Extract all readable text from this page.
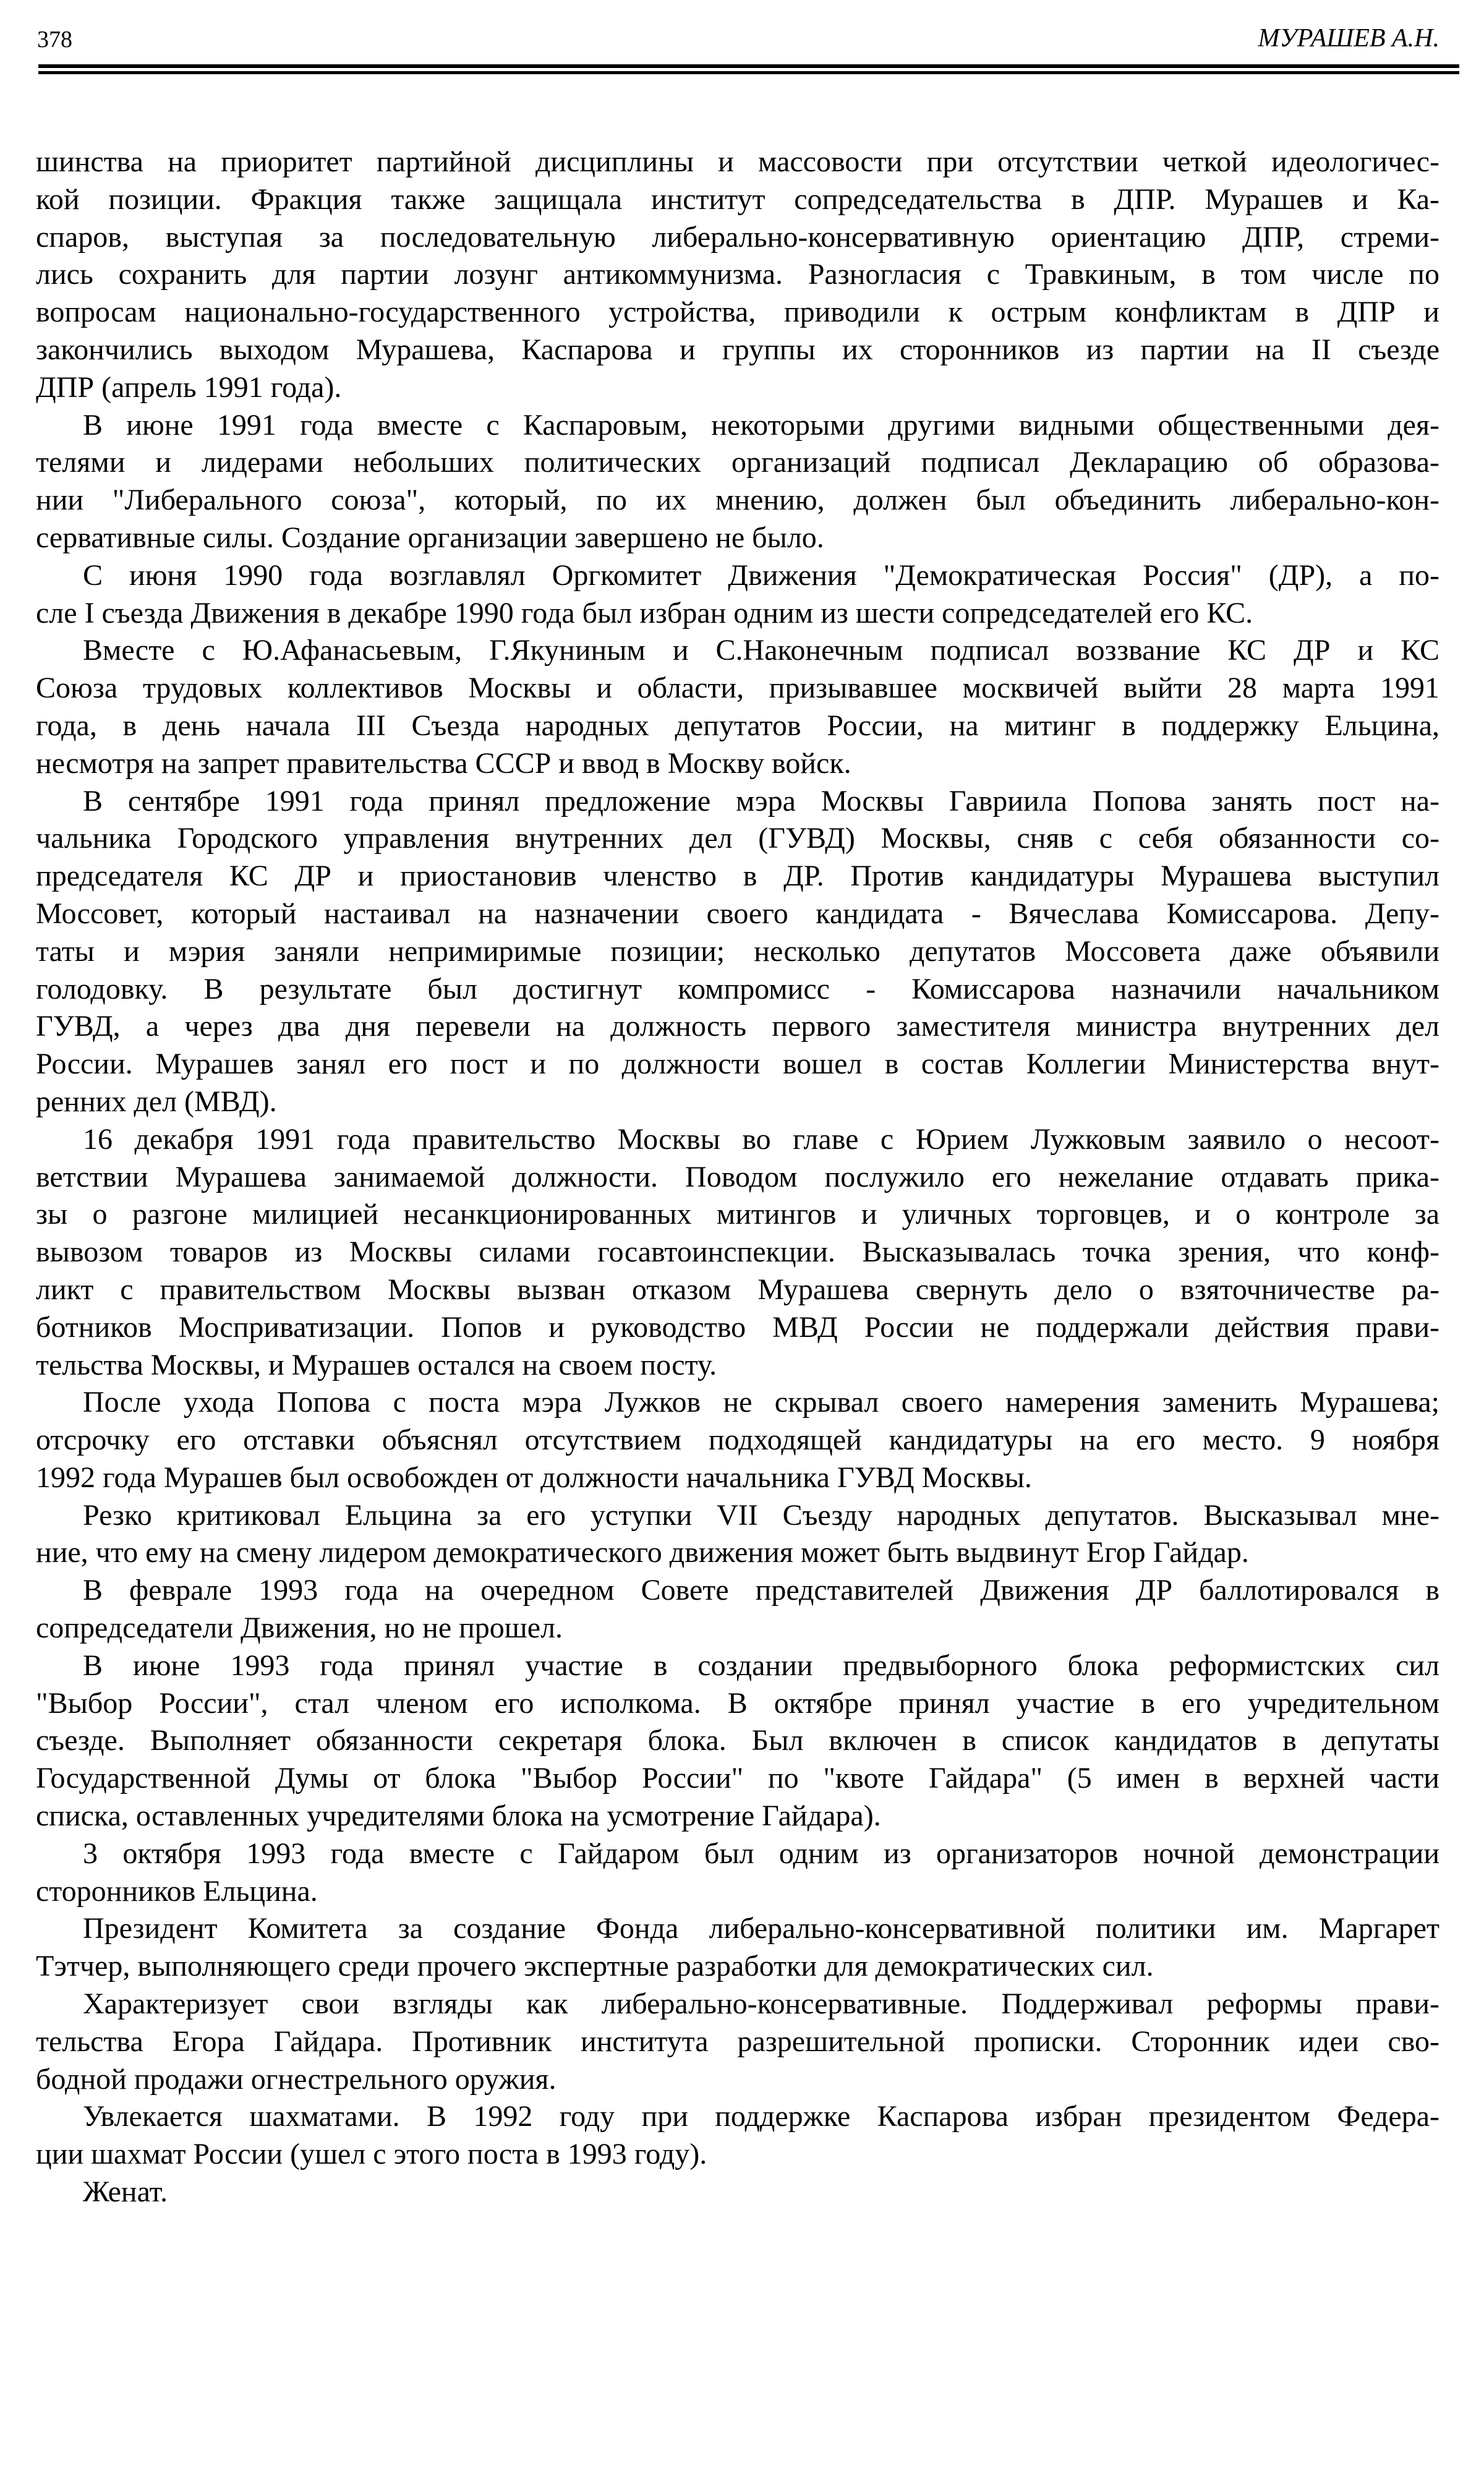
378	МУРАШЕВ А.Н.
шинства на приоритет партийной дисциплины и массовости при отсутствии четкой идеологичес-
кой позиции. Фракция также защищала институт сопредседательства в ДПР. Мурашев и Ка-
спаров, выступая за последовательную либерально-консервативную ориентацию ДПР, стреми-
лись сохранить для партии лозунг антикоммунизма. Разногласия с Травкиным, в том числе по
вопросам национально-государственного устройства, приводили к острым конфликтам в ДПР и
закончились выходом Мурашева, Каспарова и группы их сторонников из партии на II съезде
ДПР (апрель 1991 года).
В июне 1991 года вместе с Каспаровым, некоторыми другими видными общественными дея-
телями и лидерами небольших политических организаций подписал Декларацию об образова-
нии "Либерального союза", который, по их мнению, должен был объединить либерально-кон-
сервативные силы. Создание организации завершено не было.
С июня 1990 года возглавлял Оргкомитет Движения "Демократическая Россия" (ДР), а по-
сле I съезда Движения в декабре 1990 года был избран одним из шести сопредседателей его КС.
Вместе с Ю.Афанасьевым, Г.Якуниным и С.Наконечным подписал воззвание КС ДР и КС
Союза трудовых коллективов Москвы и области, призывавшее москвичей выйти 28 марта 1991
года, в день начала III Съезда народных депутатов России, на митинг в поддержку Ельцина,
несмотря на запрет правительства СССР и ввод в Москву войск.
В сентябре 1991 года принял предложение мэра Москвы Гавриила Попова занять пост на-
чальника Городского управления внутренних дел (ГУВД) Москвы, сняв с себя обязанности со-
председателя КС ДР и приостановив членство в ДР. Против кандидатуры Мурашева выступил
Моссовет, который настаивал на назначении своего кандидата - Вячеслава Комиссарова. Депу-
таты и мэрия заняли непримиримые позиции; несколько депутатов Моссовета даже объявили
голодовку. В результате был достигнут компромисс - Комиссарова назначили начальником
ГУВД, а через два дня перевели на должность первого заместителя министра внутренних дел
России. Мурашев занял его пост и по должности вошел в состав Коллегии Министерства внут-
ренних дел (МВД).
16 декабря 1991 года правительство Москвы во главе с Юрием Лужковым заявило о несоот-
ветствии Мурашева занимаемой должности. Поводом послужило его нежелание отдавать прика-
зы о разгоне милицией несанкционированных митингов и уличных торговцев, и о контроле за
вывозом товаров из Москвы силами госавтоинспекции. Высказывалась точка зрения, что конф-
ликт с правительством Москвы вызван отказом Мурашева свернуть дело о взяточничестве ра-
ботников Мосприватизации. Попов и руководство МВД России не поддержали действия прави-
тельства Москвы, и Мурашев остался на своем посту.
После ухода Попова с поста мэра Лужков не скрывал своего намерения заменить Мурашева;
отсрочку его отставки объяснял отсутствием подходящей кандидатуры на его место. 9 ноября
1992 года Мурашев был освобожден от должности начальника ГУВД Москвы.
Резко критиковал Ельцина за его уступки VII Съезду народных депутатов. Высказывал мне-
ние, что ему на смену лидером демократического движения может быть выдвинут Егор Гайдар.
В феврале 1993 года на очередном Совете представителей Движения ДР баллотировался в
сопредседатели Движения, но не прошел.
В июне 1993 года принял участие в создании предвыборного блока реформистских сил
"Выбор России", стал членом его исполкома. В октябре принял участие в его учредительном
съезде. Выполняет обязанности секретаря блока. Был включен в список кандидатов в депутаты
Государственной Думы от блока "Выбор России" по "квоте Гайдара" (5 имен в верхней части
списка, оставленных учредителями блока на усмотрение Гайдара).
3 октября 1993 года вместе с Гайдаром был одним из организаторов ночной демонстрации
сторонников Ельцина.
Президент Комитета за создание Фонда либерально-консервативной политики им. Маргарет
Тэтчер, выполняющего среди прочего экспертные разработки для демократических сил.
Характеризует свои взгляды как либерально-консервативные. Поддерживал реформы прави-
тельства Егора Гайдара. Противник института разрешительной прописки. Сторонник идеи сво-
бодной продажи огнестрельного оружия.
Увлекается шахматами. В 1992 году при поддержке Каспарова избран президентом Федера-
ции шахмат России (ушел с этого поста в 1993 году).
Женат.
